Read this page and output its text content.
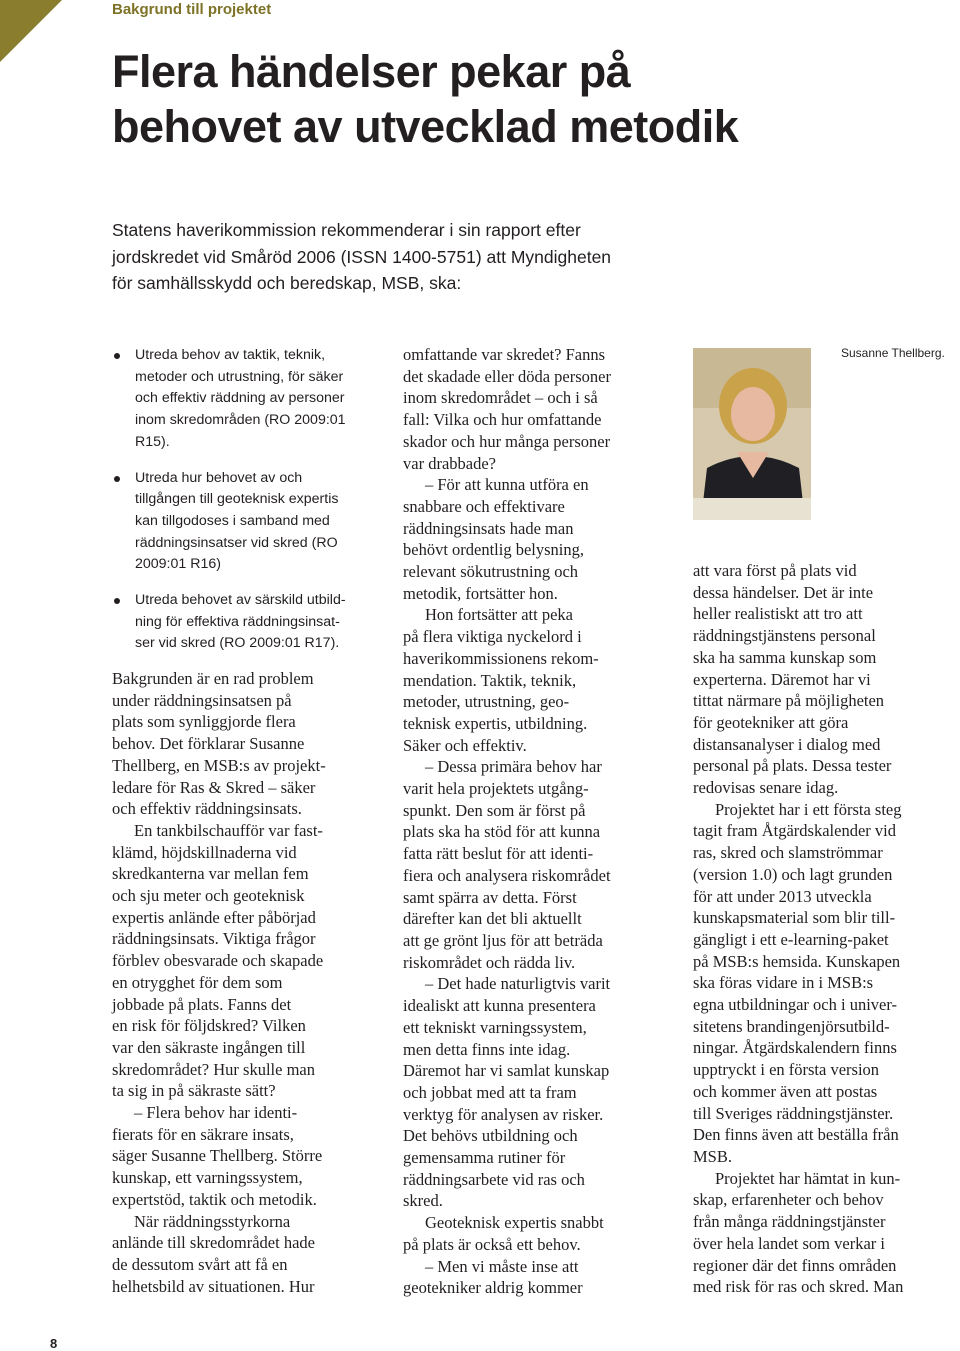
Bakgrund till projektet

Flera händelser pekar på
behovet av utvecklad metodik

Statens haverikommission rekommenderar i sin rapport efter
jordskredet vid Småröd 2006 (ISSN 1400-5751) att Myndigheten
för samhällsskydd och beredskap, MSB, ska:

Utreda behov av taktik, teknik,
metoder och utrustning, för säker
och effektiv räddning av personer
inom skredområden (RO 2009:01
R15).
Utreda hur behovet av och
tillgången till geoteknisk expertis
kan tillgodoses i samband med
räddningsinsatser vid skred (RO
2009:01 R16)
Utreda behovet av särskild utbild-
ning för effektiva räddningsinsat-
ser vid skred (RO 2009:01 R17).
Bakgrunden är en rad problem
under räddningsinsatsen på
plats som synliggjorde flera
behov. Det förklarar Susanne
Thellberg, en MSB:s av projekt-
ledare för Ras & Skred – säker
och effektiv räddningsinsats.
En tankbilschaufför var fast-
klämd, höjdskillnaderna vid
skredkanterna var mellan fem
och sju meter och geoteknisk
expertis anlände efter påbörjad
räddningsinsats. Viktiga frågor
förblev obesvarade och skapade
en otrygghet för dem som
jobbade på plats. Fanns det
en risk för följdskred? Vilken
var den säkraste ingången till
skredområdet? Hur skulle man
ta sig in på säkraste sätt?
– Flera behov har identi-
fierats för en säkrare insats,
säger Susanne Thellberg. Större
kunskap, ett varningssystem,
expertstöd, taktik och metodik.
När räddningsstyrkorna
anlände till skredområdet hade
de dessutom svårt att få en
helhetsbild av situationen. Hur
omfattande var skredet? Fanns
det skadade eller döda personer
inom skredområdet – och i så
fall: Vilka och hur omfattande
skador och hur många personer
var drabbade?
– För att kunna utföra en
snabbare och effektivare
räddningsinsats hade man
behövt ordentlig belysning,
relevant sökutrustning och
metodik, fortsätter hon.
Hon fortsätter att peka
på flera viktiga nyckelord i
haverikommissionens rekom-
mendation. Taktik, teknik,
metoder, utrustning, geo-
teknisk expertis, utbildning.
Säker och effektiv.
– Dessa primära behov har
varit hela projektets utgång-
spunkt. Den som är först på
plats ska ha stöd för att kunna
fatta rätt beslut för att identi-
fiera och analysera riskområdet
samt spärra av detta. Först
därefter kan det bli aktuellt
att ge grönt ljus för att beträda
riskområdet och rädda liv.
– Det hade naturligtvis varit
idealiskt att kunna presentera
ett tekniskt varningssystem,
men detta finns inte idag.
Däremot har vi samlat kunskap
och jobbat med att ta fram
verktyg för analysen av risker.
Det behövs utbildning och
gemensamma rutiner för
räddningsarbete vid ras och
skred.
Geoteknisk expertis snabbt
på plats är också ett behov.
– Men vi måste inse att
geotekniker aldrig kommer
att vara först på plats vid
dessa händelser. Det är inte
heller realistiskt att tro att
räddningstjänstens personal
ska ha samma kunskap som
experterna. Däremot har vi
tittat närmare på möjligheten
för geotekniker att göra
distansanalyser i dialog med
personal på plats. Dessa tester
redovisas senare idag.
Projektet har i ett första steg
tagit fram Åtgärdskalender vid
ras, skred och slamströmmar
(version 1.0) och lagt grunden
för att under 2013 utveckla
kunskapsmaterial som blir till-
gängligt i ett e-learning-paket
på MSB:s hemsida. Kunskapen
ska föras vidare in i MSB:s
egna utbildningar och i univer-
sitetens brandingenjörsutbild-
ningar. Åtgärdskalendern finns
upptryckt i en första version
och kommer även att postas
till Sveriges räddningstjänster.
Den finns även att beställa från
MSB.
Projektet har hämtat in kun-
skap, erfarenheter och behov
från många räddningstjänster
över hela landet som verkar i
regioner där det finns områden
med risk för ras och skred. Man

Susanne Thellberg.

8
